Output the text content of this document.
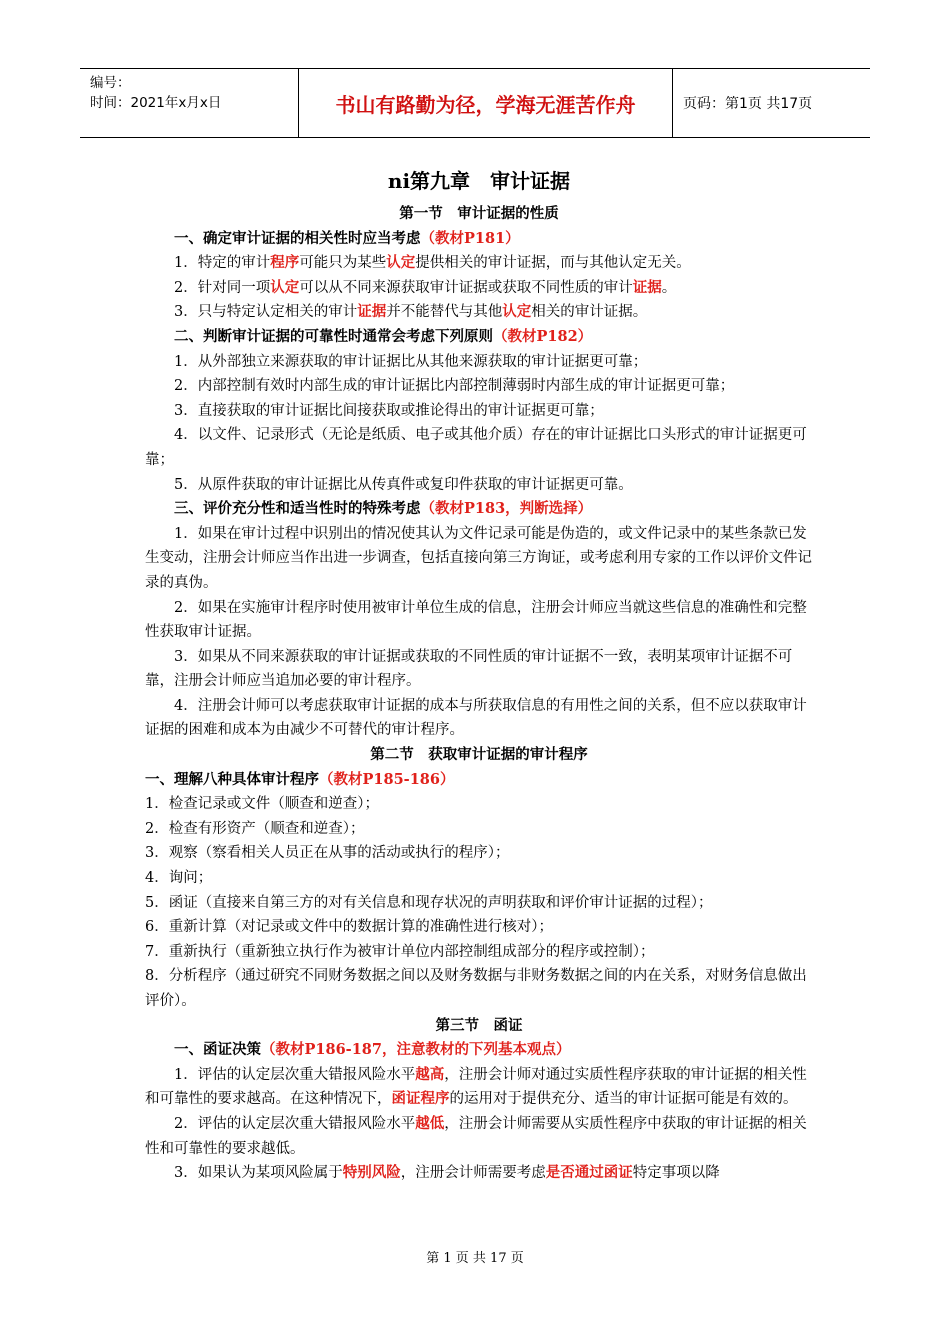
编号：
时间：2021年x月x日	书山有路勤为径，学海无涯苦作舟	页码：第1页 共17页
ni第九章　审计证据
第一节　审计证据的性质
一、确定审计证据的相关性时应当考虑（教材P181）
1．特定的审计程序可能只为某些认定提供相关的审计证据，而与其他认定无关。
2．针对同一项认定可以从不同来源获取审计证据或获取不同性质的审计证据。
3．只与特定认定相关的审计证据并不能替代与其他认定相关的审计证据。
二、判断审计证据的可靠性时通常会考虑下列原则（教材P182）
1．从外部独立来源获取的审计证据比从其他来源获取的审计证据更可靠；
2．内部控制有效时内部生成的审计证据比内部控制薄弱时内部生成的审计证据更可靠；
3．直接获取的审计证据比间接获取或推论得出的审计证据更可靠；
4．以文件、记录形式（无论是纸质、电子或其他介质）存在的审计证据比口头形式的审计证据更可靠；
5．从原件获取的审计证据比从传真件或复印件获取的审计证据更可靠。
三、评价充分性和适当性时的特殊考虑（教材P183，判断选择）
1．如果在审计过程中识别出的情况使其认为文件记录可能是伪造的，或文件记录中的某些条款已发生变动，注册会计师应当作出进一步调查，包括直接向第三方询证，或考虑利用专家的工作以评价文件记录的真伪。
2．如果在实施审计程序时使用被审计单位生成的信息，注册会计师应当就这些信息的准确性和完整性获取审计证据。
3．如果从不同来源获取的审计证据或获取的不同性质的审计证据不一致，表明某项审计证据不可靠，注册会计师应当追加必要的审计程序。
4．注册会计师可以考虑获取审计证据的成本与所获取信息的有用性之间的关系，但不应以获取审计证据的困难和成本为由减少不可替代的审计程序。
第二节　获取审计证据的审计程序
一、理解八种具体审计程序（教材P185-186）
1．检查记录或文件（顺查和逆查）；
2．检查有形资产（顺查和逆查）；
3．观察（察看相关人员正在从事的活动或执行的程序）；
4．询问；
5．函证（直接来自第三方的对有关信息和现存状况的声明获取和评价审计证据的过程）；
6．重新计算（对记录或文件中的数据计算的准确性进行核对）；
7．重新执行（重新独立执行作为被审计单位内部控制组成部分的程序或控制）；
8．分析程序（通过研究不同财务数据之间以及财务数据与非财务数据之间的内在关系，对财务信息做出评价）。
第三节　函证
一、函证决策（教材P186-187，注意教材的下列基本观点）
1．评估的认定层次重大错报风险水平越高，注册会计师对通过实质性程序获取的审计证据的相关性和可靠性的要求越高。在这种情况下，函证程序的运用对于提供充分、适当的审计证据可能是有效的。
2．评估的认定层次重大错报风险水平越低，注册会计师需要从实质性程序中获取的审计证据的相关性和可靠性的要求越低。
3．如果认为某项风险属于特别风险，注册会计师需要考虑是否通过函证特定事项以降
第 1 页 共 17 页
